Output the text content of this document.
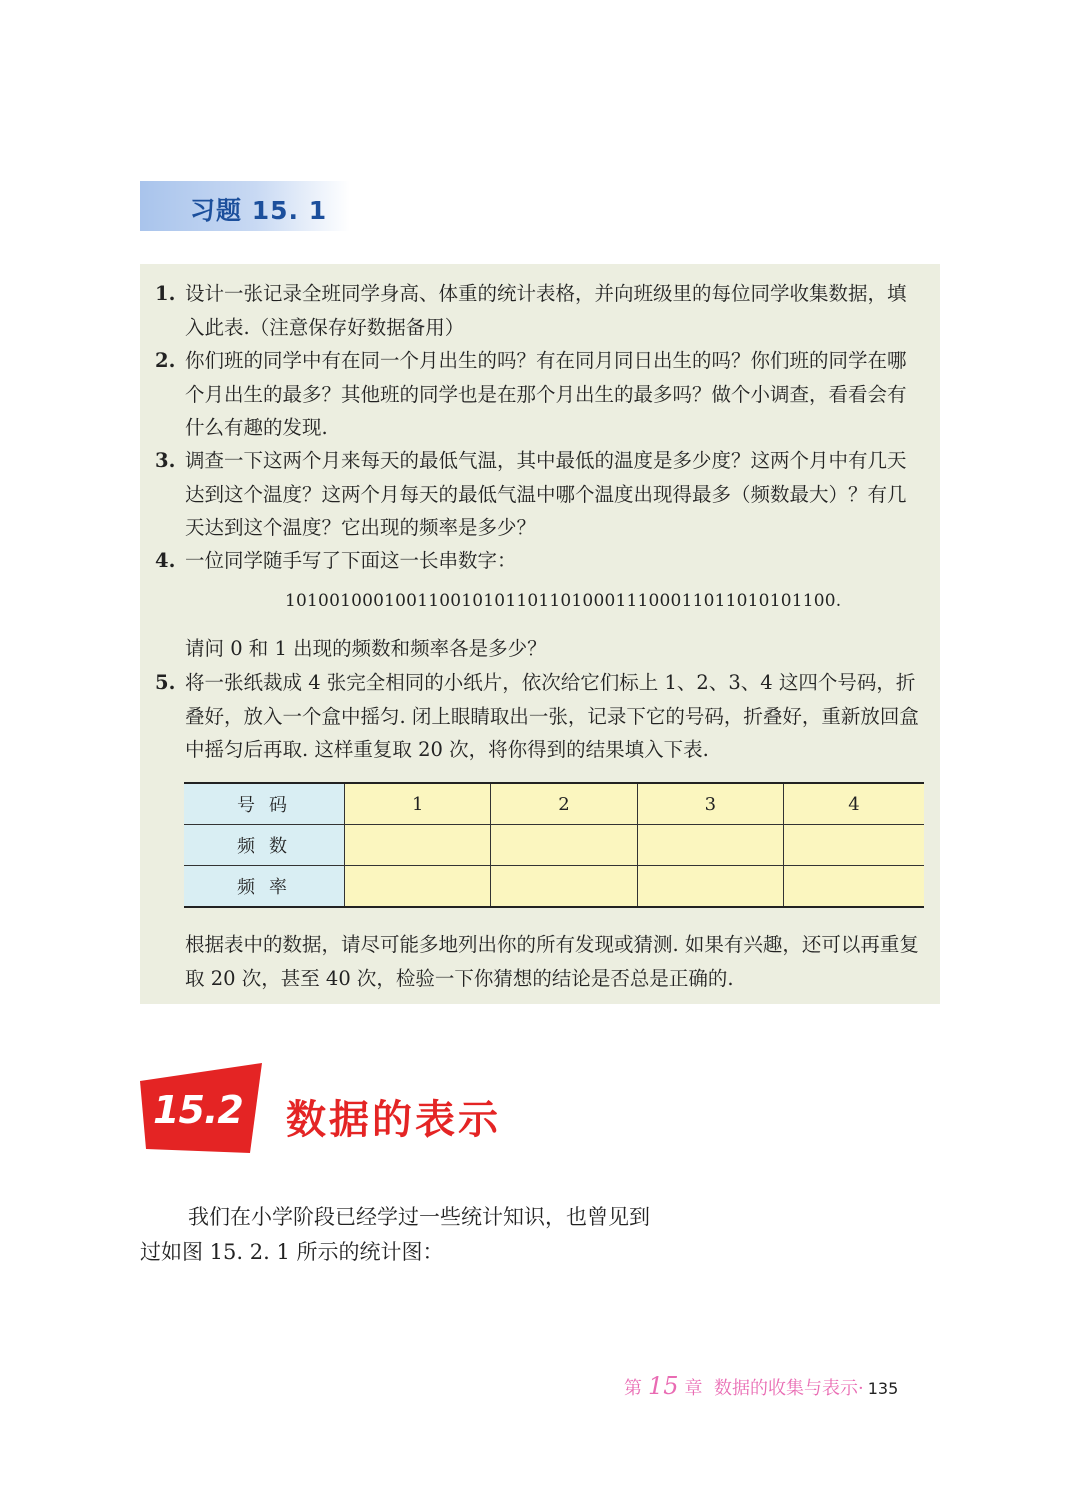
习题 15. 1
1. 设计一张记录全班同学身高、体重的统计表格，并向班级里的每位同学收集数据，填入此表.（注意保存好数据备用）
2. 你们班的同学中有在同一个月出生的吗？有在同月同日出生的吗？你们班的同学在哪个月出生的最多？其他班的同学也是在那个月出生的最多吗？做个小调查，看看会有什么有趣的发现.
3. 调查一下这两个月来每天的最低气温，其中最低的温度是多少度？这两个月中有几天达到这个温度？这两个月每天的最低气温中哪个温度出现得最多（频数最大）？有几天达到这个温度？它出现的频率是多少？
4. 一位同学随手写了下面这一长串数字：
10100100010011001010110110100011100011011010101100.
请问 0 和 1 出现的频数和频率各是多少？
5. 将一张纸裁成 4 张完全相同的小纸片，依次给它们标上 1、2、3、4 这四个号码，折叠好，放入一个盒中摇匀. 闭上眼睛取出一张，记录下它的号码，折叠好，重新放回盒中摇匀后再取. 这样重复取 20 次，将你得到的结果填入下表.
号码	1	2	3	4
频数				
频率				
根据表中的数据，请尽可能多地列出你的所有发现或猜测. 如果有兴趣，还可以再重复取 20 次，甚至 40 次，检验一下你猜想的结论是否总是正确的.
15.2 数据的表示
我们在小学阶段已经学过一些统计知识，也曾见到
过如图 15. 2. 1 所示的统计图：
第 15 章 数据的收集与表示· 135
